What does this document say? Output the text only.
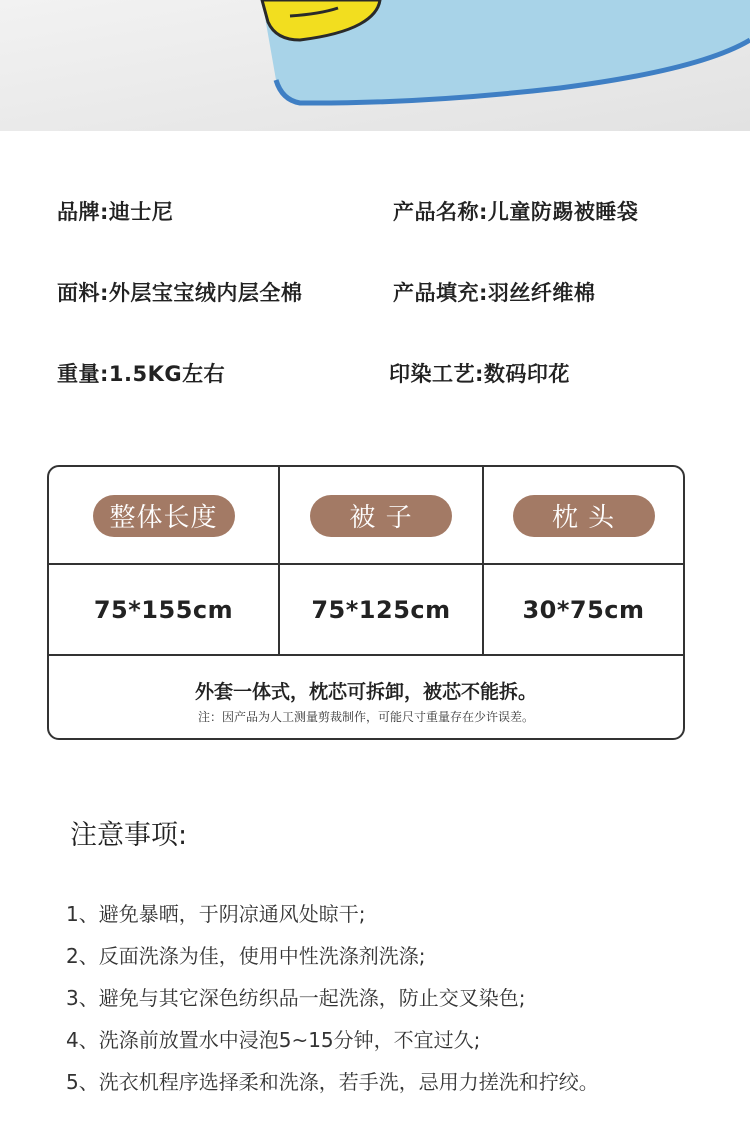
品牌:迪士尼	产品名称:儿童防踢被睡袋
面料:外层宝宝绒内层全棉	产品填充:羽丝纤维棉
重量:1.5KG左右	印染工艺:数码印花
整体长度	被 子	枕 头
75*155cm	75*125cm	30*75cm
外套一体式，枕芯可拆卸，被芯不能拆。
注：因产品为人工测量剪裁制作，可能尺寸重量存在少许误差。
注意事项:
1、避免暴晒，于阴凉通风处晾干;
2、反面洗涤为佳，使用中性洗涤剂洗涤;
3、避免与其它深色纺织品一起洗涤，防止交叉染色;
4、洗涤前放置水中浸泡5~15分钟，不宜过久;
5、洗衣机程序选择柔和洗涤，若手洗，忌用力搓洗和拧绞。
